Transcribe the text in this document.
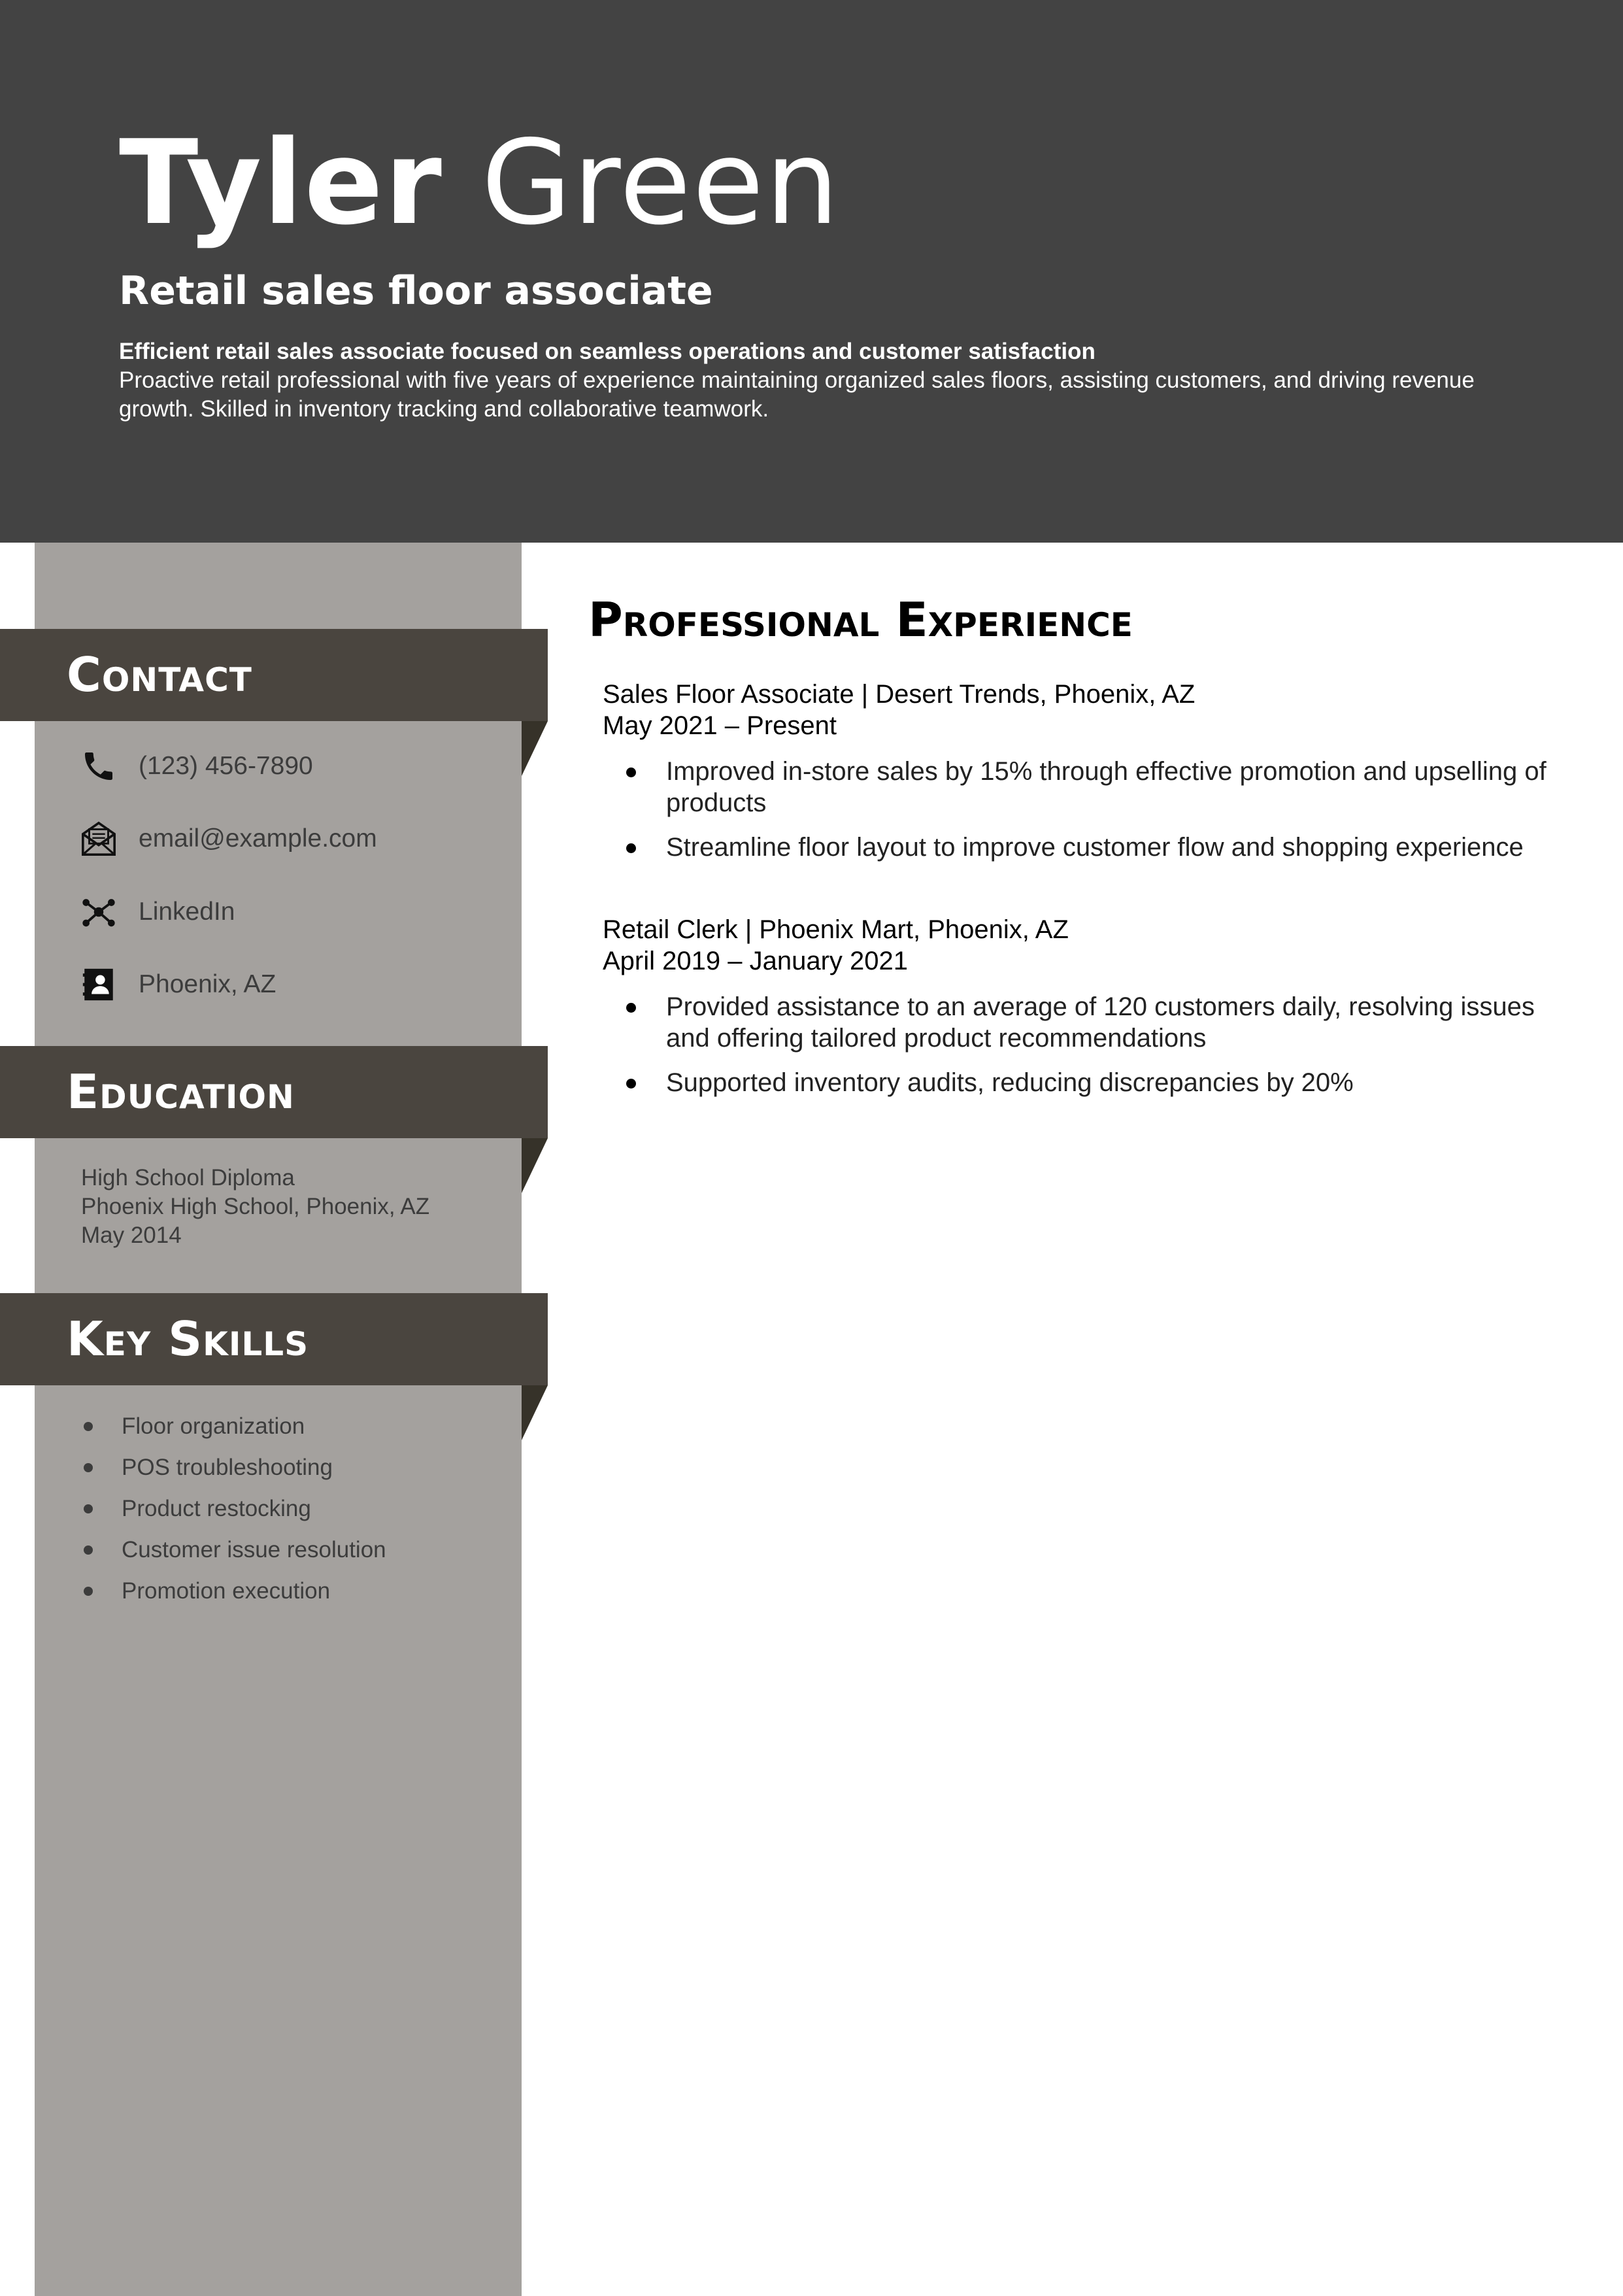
Tyler Green
Retail sales floor associate
Efficient retail sales associate focused on seamless operations and customer satisfaction
Proactive retail professional with five years of experience maintaining organized sales floors, assisting customers, and driving revenue growth. Skilled in inventory tracking and collaborative teamwork.
Contact
(123) 456-7890
email@example.com
LinkedIn
Phoenix, AZ
Education
High School Diploma
Phoenix High School, Phoenix, AZ
May 2014
Key Skills
Floor organization
POS troubleshooting
Product restocking
Customer issue resolution
Promotion execution
Professional Experience
Sales Floor Associate | Desert Trends, Phoenix, AZ
May 2021 – Present
Improved in-store sales by 15% through effective promotion and upselling of products
Streamline floor layout to improve customer flow and shopping experience
Retail Clerk | Phoenix Mart, Phoenix, AZ
April 2019 – January 2021
Provided assistance to an average of 120 customers daily, resolving issues and offering tailored product recommendations
Supported inventory audits, reducing discrepancies by 20%
